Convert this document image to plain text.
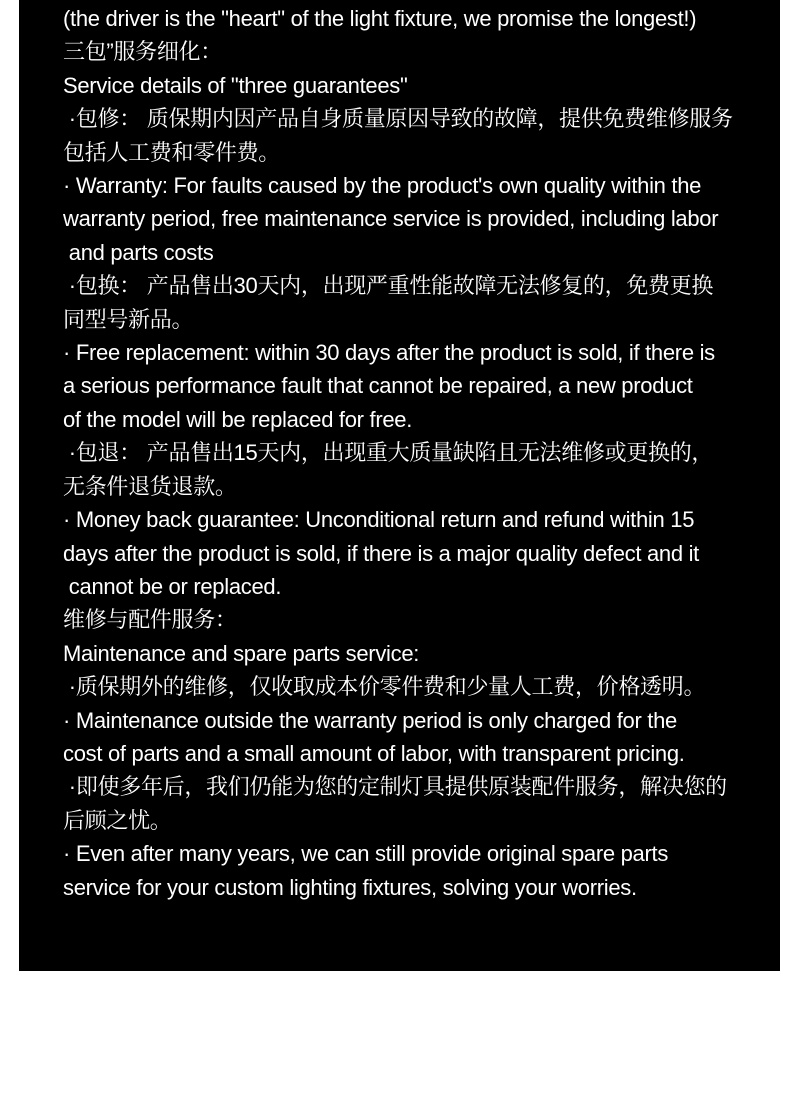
(the driver is the "heart" of the light fixture, we promise the longest!)
三包”服务细化：
Service details of "three guarantees"
·包修： 质保期内因产品自身质量原因导致的故障，提供免费维修服务
包括人工费和零件费。
· Warranty: For faults caused by the product's own quality within the
warranty period, free maintenance service is provided, including labor
and parts costs
·包换： 产品售出30天内，出现严重性能故障无法修复的，免费更换
同型号新品。
· Free replacement: within 30 days after the product is sold, if there is
a serious performance fault that cannot be repaired, a new product
of the model will be replaced for free.
·包退： 产品售出15天内，出现重大质量缺陷且无法维修或更换的，
无条件退货退款。
· Money back guarantee: Unconditional return and refund within 15
days after the product is sold, if there is a major quality defect and it
cannot be or replaced.
维修与配件服务：
Maintenance and spare parts service:
·质保期外的维修，仅收取成本价零件费和少量人工费，价格透明。
· Maintenance outside the warranty period is only charged for the
cost of parts and a small amount of labor, with transparent pricing.
·即使多年后，我们仍能为您的定制灯具提供原装配件服务，解决您的
后顾之忧。
· Even after many years, we can still provide original spare parts
service for your custom lighting fixtures, solving your worries.
